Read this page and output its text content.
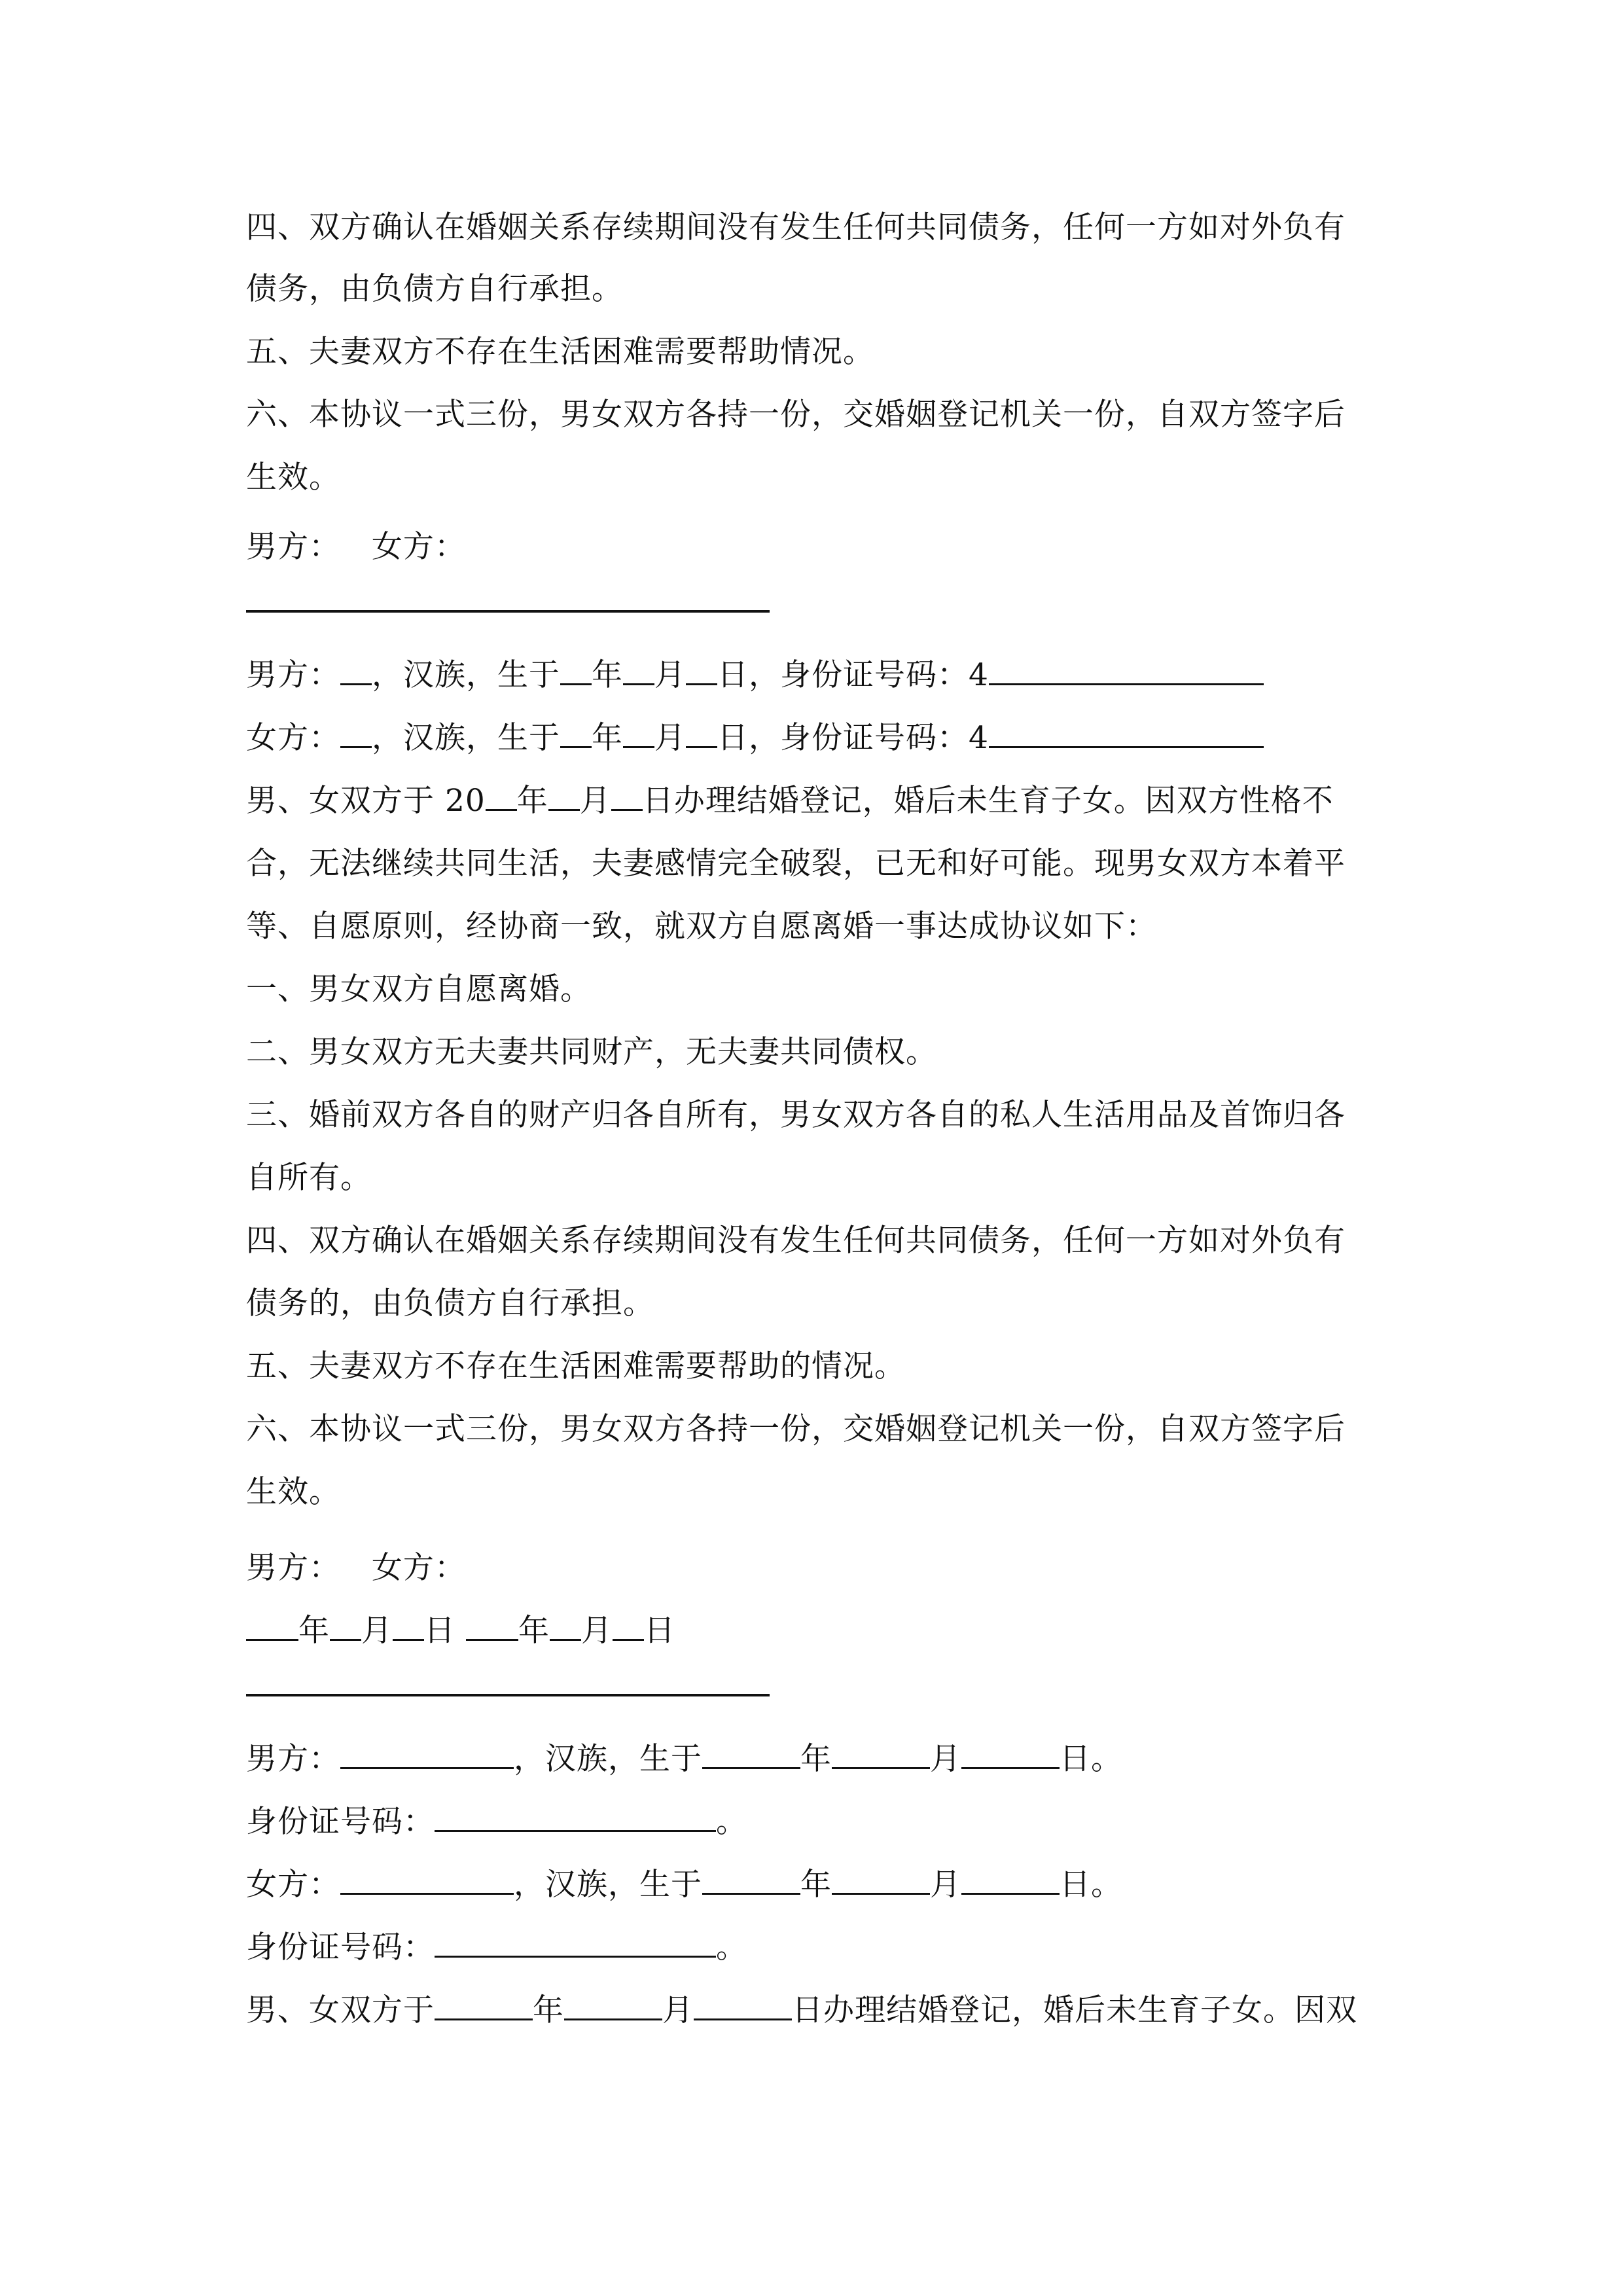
四、双方确认在婚姻关系存续期间没有发生任何共同债务，任何一方如对外负有
债务，由负债方自行承担。
五、夫妻双方不存在生活困难需要帮助情况。
六、本协议一式三份，男女双方各持一份，交婚姻登记机关一份，自双方签字后
生效。
男方：   女方：
男方： ，汉族，生于 年 月 日，身份证号码：4
女方： ，汉族，生于 年 月 日，身份证号码：4
男、女双方于 20 年 月 日办理结婚登记，婚后未生育子女。因双方性格不
合，无法继续共同生活，夫妻感情完全破裂，已无和好可能。现男女双方本着平
等、自愿原则，经协商一致，就双方自愿离婚一事达成协议如下：
一、男女双方自愿离婚。
二、男女双方无夫妻共同财产，无夫妻共同债权。
三、婚前双方各自的财产归各自所有，男女双方各自的私人生活用品及首饰归各
自所有。
四、双方确认在婚姻关系存续期间没有发生任何共同债务，任何一方如对外负有
债务的，由负债方自行承担。
五、夫妻双方不存在生活困难需要帮助的情况。
六、本协议一式三份，男女双方各持一份，交婚姻登记机关一份，自双方签字后
生效。
男方：   女方：
年 月 日 年 月 日
男方：	，汉族，生于	年	月	日。
身份证号码：	。
女方：	，汉族，生于	年	月	日。
身份证号码：	。
男、女双方于	年	月	日办理结婚登记，婚后未生育子女。因双
